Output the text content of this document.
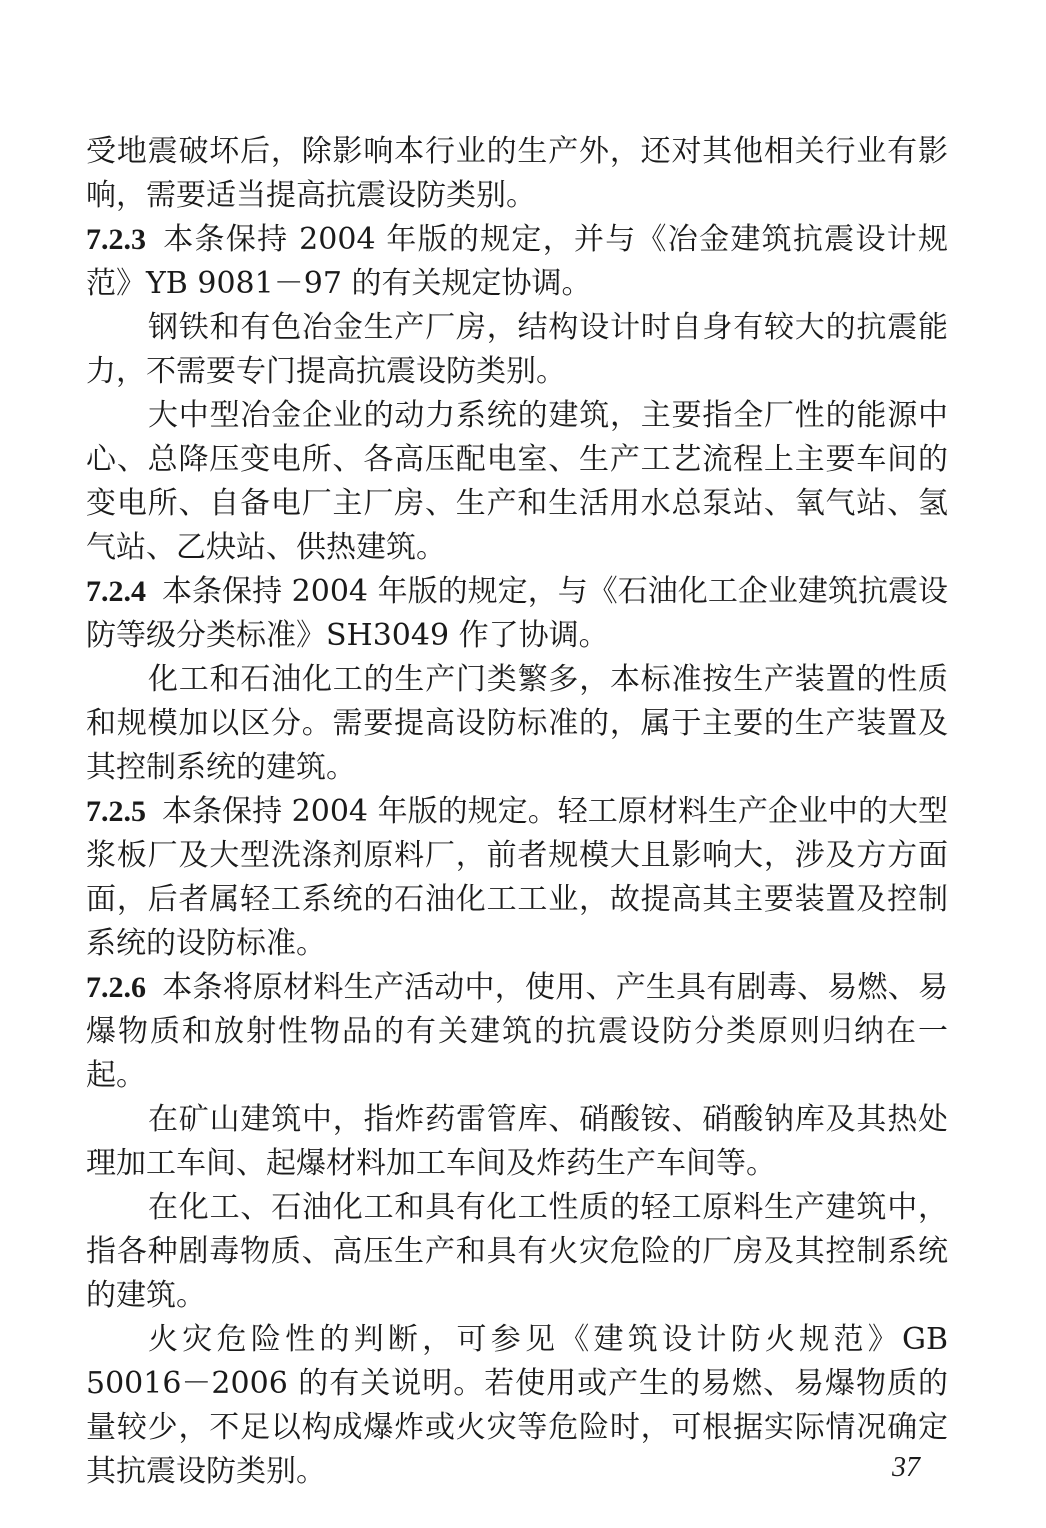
受地震破坏后，除影响本行业的生产外，还对其他相关行业有影响，需要适当提高抗震设防类别。

7.2.3 本条保持 2004 年版的规定，并与《冶金建筑抗震设计规范》YB 9081－97 的有关规定协调。

钢铁和有色冶金生产厂房，结构设计时自身有较大的抗震能力，不需要专门提高抗震设防类别。

大中型冶金企业的动力系统的建筑，主要指全厂性的能源中心、总降压变电所、各高压配电室、生产工艺流程上主要车间的变电所、自备电厂主厂房、生产和生活用水总泵站、氧气站、氢气站、乙炔站、供热建筑。

7.2.4 本条保持 2004 年版的规定，与《石油化工企业建筑抗震设防等级分类标准》SH3049 作了协调。

化工和石油化工的生产门类繁多，本标准按生产装置的性质和规模加以区分。需要提高设防标准的，属于主要的生产装置及其控制系统的建筑。

7.2.5 本条保持 2004 年版的规定。轻工原材料生产企业中的大型浆板厂及大型洗涤剂原料厂，前者规模大且影响大，涉及方方面面，后者属轻工系统的石油化工工业，故提高其主要装置及控制系统的设防标准。

7.2.6 本条将原材料生产活动中，使用、产生具有剧毒、易燃、易爆物质和放射性物品的有关建筑的抗震设防分类原则归纳在一起。

在矿山建筑中，指炸药雷管库、硝酸铵、硝酸钠库及其热处理加工车间、起爆材料加工车间及炸药生产车间等。

在化工、石油化工和具有化工性质的轻工原料生产建筑中，指各种剧毒物质、高压生产和具有火灾危险的厂房及其控制系统的建筑。

火灾危险性的判断，可参见《建筑设计防火规范》GB 50016－2006 的有关说明。若使用或产生的易燃、易爆物质的量较少，不足以构成爆炸或火灾等危险时，可根据实际情况确定其抗震设防类别。	37
